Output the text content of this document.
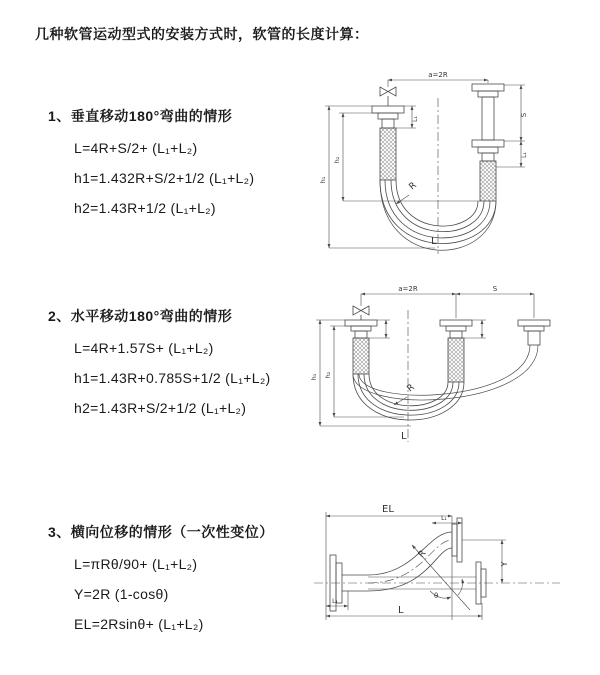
几种软管运动型式的安装方式时，软管的长度计算：
1、垂直移动180°弯曲的情形
L=4R+S/2+ (L₁+L₂)
h1=1.432R+S/2+1/2 (L₁+L₂)
h2=1.43R+1/2 (L₁+L₂)
a=2R
S
L₁
h₁
h₂
L₁
R
L
2、水平移动180°弯曲的情形
L=4R+1.57S+ (L₁+L₂)
h1=1.43R+0.785S+1/2 (L₁+L₂)
h2=1.43R+S/2+1/2 (L₁+L₂)
a=2R	S
h₁ h₂
R
L
3、横向位移的情形（一次性变位）
L=πRθ/90+ (L₁+L₂)
Y=2R (1-cosθ)
EL=2Rsinθ+ (L₁+L₂)
EL
L₁
Y
R
θ
L
L₁
